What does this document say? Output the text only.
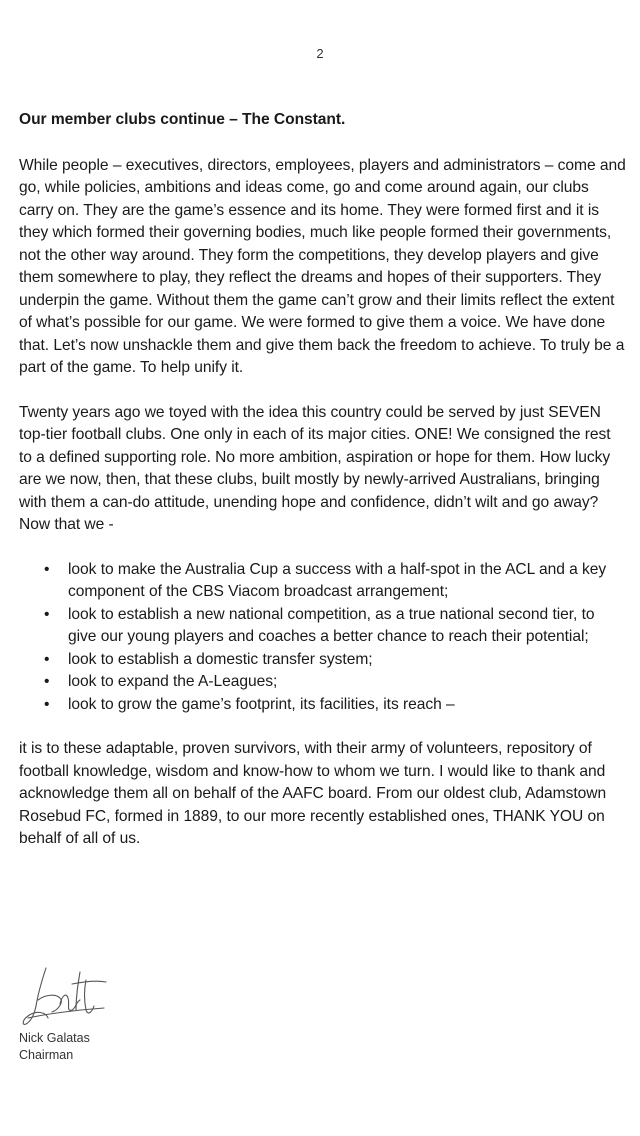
2

Our member clubs continue – The Constant.

While people – executives, directors, employees, players and administrators – come and go, while policies, ambitions and ideas come, go and come around again, our clubs carry on. They are the game’s essence and its home. They were formed first and it is they which formed their governing bodies, much like people formed their governments, not the other way around. They form the competitions, they develop players and give them somewhere to play, they reflect the dreams and hopes of their supporters. They underpin the game. Without them the game can’t grow and their limits reflect the extent of what’s possible for our game. We were formed to give them a voice. We have done that. Let’s now unshackle them and give them back the freedom to achieve. To truly be a part of the game. To help unify it.

Twenty years ago we toyed with the idea this country could be served by just SEVEN top-tier football clubs. One only in each of its major cities. ONE! We consigned the rest to a defined supporting role. No more ambition, aspiration or hope for them. How lucky are we now, then, that these clubs, built mostly by newly-arrived Australians, bringing with them a can-do attitude, unending hope and confidence, didn’t wilt and go away? Now that we -

• look to make the Australia Cup a success with a half-spot in the ACL and a key component of the CBS Viacom broadcast arrangement;
• look to establish a new national competition, as a true national second tier, to give our young players and coaches a better chance to reach their potential;
• look to establish a domestic transfer system;
• look to expand the A-Leagues;
• look to grow the game’s footprint, its facilities, its reach –

it is to these adaptable, proven survivors, with their army of volunteers, repository of football knowledge, wisdom and know-how to whom we turn. I would like to thank and acknowledge them all on behalf of the AAFC board. From our oldest club, Adamstown Rosebud FC, formed in 1889, to our more recently established ones, THANK YOU on behalf of all of us.

Nick Galatas
Chairman
